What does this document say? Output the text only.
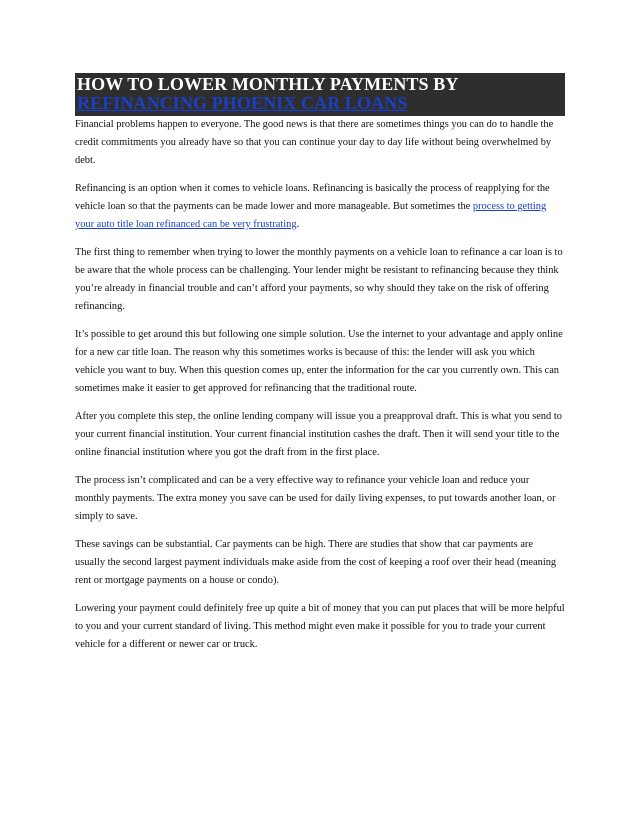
HOW TO LOWER MONTHLY PAYMENTS BY
REFINANCING PHOENIX CAR LOANS

Financial problems happen to everyone. The good news is that there are sometimes things you can do to handle the credit commitments you already have so that you can continue your day to day life without being overwhelmed by debt.

Refinancing is an option when it comes to vehicle loans. Refinancing is basically the process of reapplying for the vehicle loan so that the payments can be made lower and more manageable. But sometimes the process to getting your auto title loan refinanced can be very frustrating.

The first thing to remember when trying to lower the monthly payments on a vehicle loan to refinance a car loan is to be aware that the whole process can be challenging. Your lender might be resistant to refinancing because they think you’re already in financial trouble and can’t afford your payments, so why should they take on the risk of offering refinancing.

It’s possible to get around this but following one simple solution. Use the internet to your advantage and apply online for a new car title loan. The reason why this sometimes works is because of this: the lender will ask you which vehicle you want to buy. When this question comes up, enter the information for the car you currently own. This can sometimes make it easier to get approved for refinancing that the traditional route.

After you complete this step, the online lending company will issue you a preapproval draft. This is what you send to your current financial institution. Your current financial institution cashes the draft. Then it will send your title to the online financial institution where you got the draft from in the first place.

The process isn’t complicated and can be a very effective way to refinance your vehicle loan and reduce your monthly payments. The extra money you save can be used for daily living expenses, to put towards another loan, or simply to save.

These savings can be substantial. Car payments can be high. There are studies that show that car payments are usually the second largest payment individuals make aside from the cost of keeping a roof over their head (meaning rent or mortgage payments on a house or condo).

Lowering your payment could definitely free up quite a bit of money that you can put places that will be more helpful to you and your current standard of living. This method might even make it possible for you to trade your current vehicle for a different or newer car or truck.
